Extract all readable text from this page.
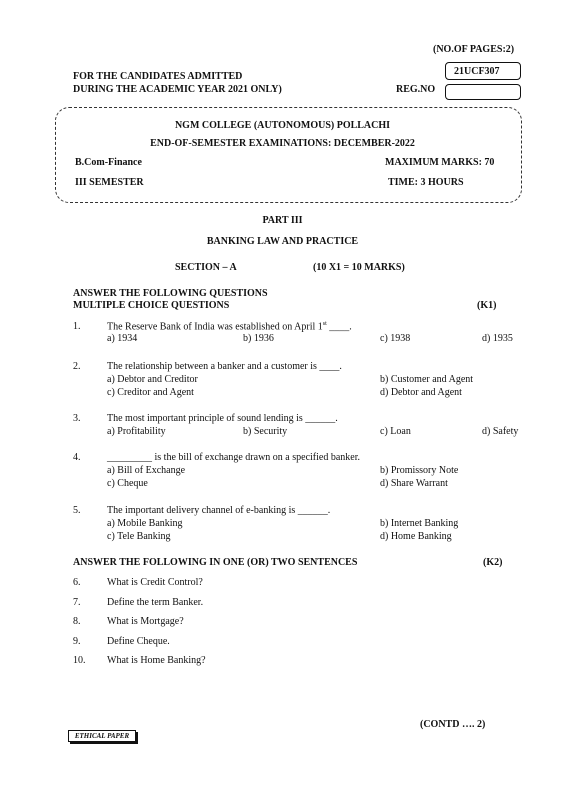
(NO.OF PAGES:2)
21UCF307
FOR THE CANDIDATES ADMITTED
DURING THE ACADEMIC YEAR 2021 ONLY)	REG.NO
NGM COLLEGE (AUTONOMOUS) POLLACHI
END-OF-SEMESTER EXAMINATIONS: DECEMBER-2022
B.Com-Finance	MAXIMUM MARKS: 70
III SEMESTER	TIME: 3 HOURS
PART III
BANKING LAW AND PRACTICE
SECTION – A	(10 X1 = 10 MARKS)
ANSWER THE FOLLOWING QUESTIONS
MULTIPLE CHOICE QUESTIONS	(K1)
1.	The Reserve Bank of India was established on April 1st ____.
a) 1934	b) 1936	c) 1938	d) 1935
2.	The relationship between a banker and a customer is ____.
a) Debtor and Creditor	b) Customer and Agent
c) Creditor and Agent	d) Debtor and Agent
3.	The most important principle of sound lending is ______.
a) Profitability	b) Security	c) Loan	d) Safety
4.	_________ is the bill of exchange drawn on a specified banker.
a) Bill of Exchange	b) Promissory Note
c) Cheque	d) Share Warrant
5.	The important delivery channel of e-banking is ______.
a) Mobile Banking	b) Internet Banking
c) Tele Banking	d) Home Banking
ANSWER THE FOLLOWING IN ONE (OR) TWO SENTENCES	(K2)
6.	What is Credit Control?
7.	Define the term Banker.
8.	What is Mortgage?
9.	Define Cheque.
10. What is Home Banking?
(CONTD …. 2)
ETHICAL PAPER
